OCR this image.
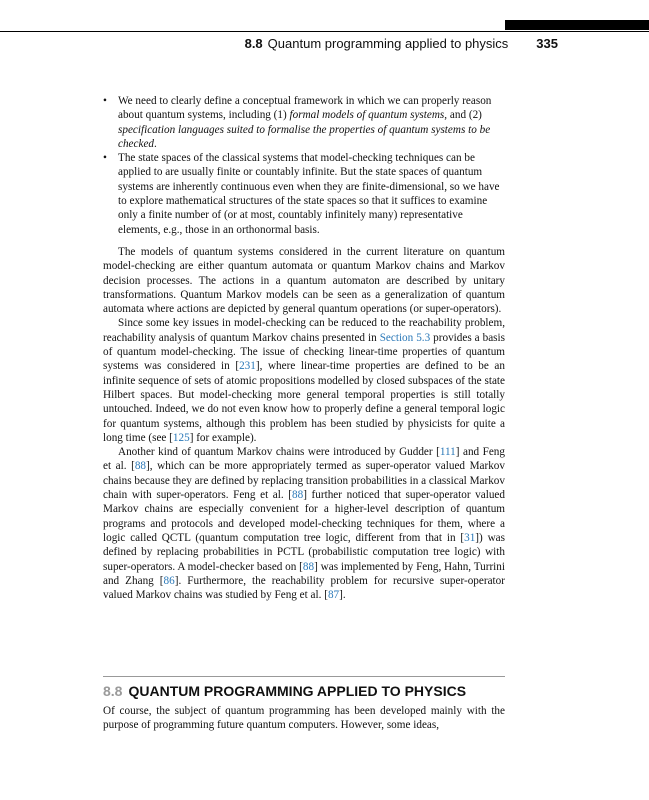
8.8 Quantum programming applied to physics 335
• We need to clearly define a conceptual framework in which we can properly reason about quantum systems, including (1) formal models of quantum systems, and (2) specification languages suited to formalise the properties of quantum systems to be checked.
• The state spaces of the classical systems that model-checking techniques can be applied to are usually finite or countably infinite. But the state spaces of quantum systems are inherently continuous even when they are finite-dimensional, so we have to explore mathematical structures of the state spaces so that it suffices to examine only a finite number of (or at most, countably infinitely many) representative elements, e.g., those in an orthonormal basis.

The models of quantum systems considered in the current literature on quantum model-checking are either quantum automata or quantum Markov chains and Markov decision processes. The actions in a quantum automaton are described by unitary transformations. Quantum Markov models can be seen as a generalization of quantum automata where actions are depicted by general quantum operations (or super-operators).

Since some key issues in model-checking can be reduced to the reachability problem, reachability analysis of quantum Markov chains presented in Section 5.3 provides a basis of quantum model-checking. The issue of checking linear-time properties of quantum systems was considered in [231], where linear-time properties are defined to be an infinite sequence of sets of atomic propositions modelled by closed subspaces of the state Hilbert spaces. But model-checking more general temporal properties is still totally untouched. Indeed, we do not even know how to properly define a general temporal logic for quantum systems, although this problem has been studied by physicists for quite a long time (see [125] for example).

Another kind of quantum Markov chains were introduced by Gudder [111] and Feng et al. [88], which can be more appropriately termed as super-operator valued Markov chains because they are defined by replacing transition probabilities in a classical Markov chain with super-operators. Feng et al. [88] further noticed that super-operator valued Markov chains are especially convenient for a higher-level description of quantum programs and protocols and developed model-checking techniques for them, where a logic called QCTL (quantum computation tree logic, different from that in [31]) was defined by replacing probabilities in PCTL (probabilistic computation tree logic) with super-operators. A model-checker based on [88] was implemented by Feng, Hahn, Turrini and Zhang [86]. Furthermore, the reachability problem for recursive super-operator valued Markov chains was studied by Feng et al. [87].

8.8 QUANTUM PROGRAMMING APPLIED TO PHYSICS

Of course, the subject of quantum programming has been developed mainly with the purpose of programming future quantum computers. However, some ideas,
